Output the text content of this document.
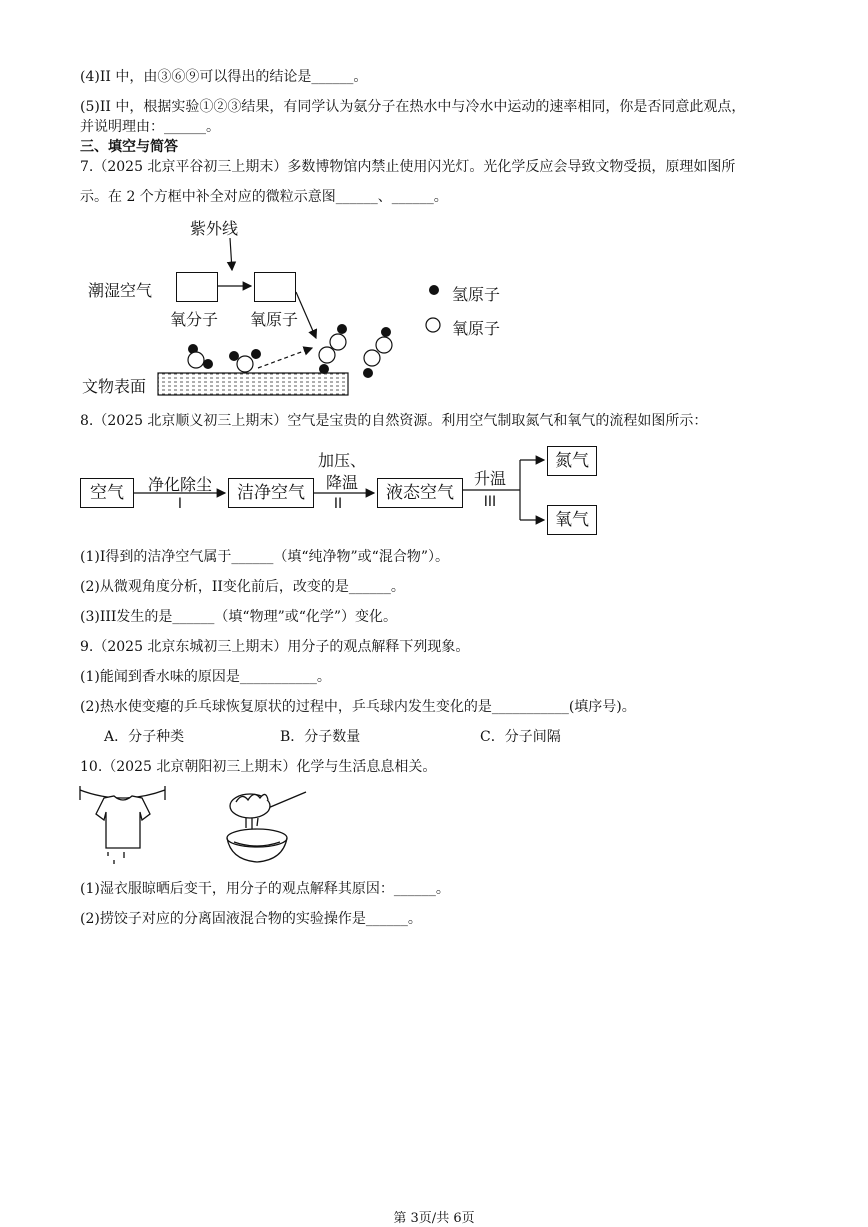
(4)II 中，由③⑥⑨可以得出的结论是______。
(5)II 中，根据实验①②③结果，有同学认为氨分子在热水中与冷水中运动的速率相同，你是否同意此观点，
并说明理由：______。
三、填空与简答
7.（2025 北京平谷初三上期末）多数博物馆内禁止使用闪光灯。光化学反应会导致文物受损，原理如图所
示。在 2 个方框中补全对应的微粒示意图______、______。
紫外线
潮湿空气
氧分子 氧原子
氢原子
氧原子
文物表面
8.（2025 北京顺义初三上期末）空气是宝贵的自然资源。利用空气制取氮气和氧气的流程如图所示：
空气	净化除尘
I
洁净空气
加压、
降温
II
液态空气
升温
III
氮气
氧气
(1)I得到的洁净空气属于______（填“纯净物”或“混合物”）。
(2)从微观角度分析，II变化前后，改变的是______。
(3)III发生的是______（填“物理”或“化学”）变化。
9.（2025 北京东城初三上期末）用分子的观点解释下列现象。
(1)能闻到香水味的原因是___________。
(2)热水使变瘪的乒乓球恢复原状的过程中，乒乓球内发生变化的是___________(填序号)。
A．分子种类	B．分子数量	C．分子间隔
10.（2025 北京朝阳初三上期末）化学与生活息息相关。
(1)湿衣服晾晒后变干，用分子的观点解释其原因：______。
(2)捞饺子对应的分离固液混合物的实验操作是______。
第 3页/共 6页
